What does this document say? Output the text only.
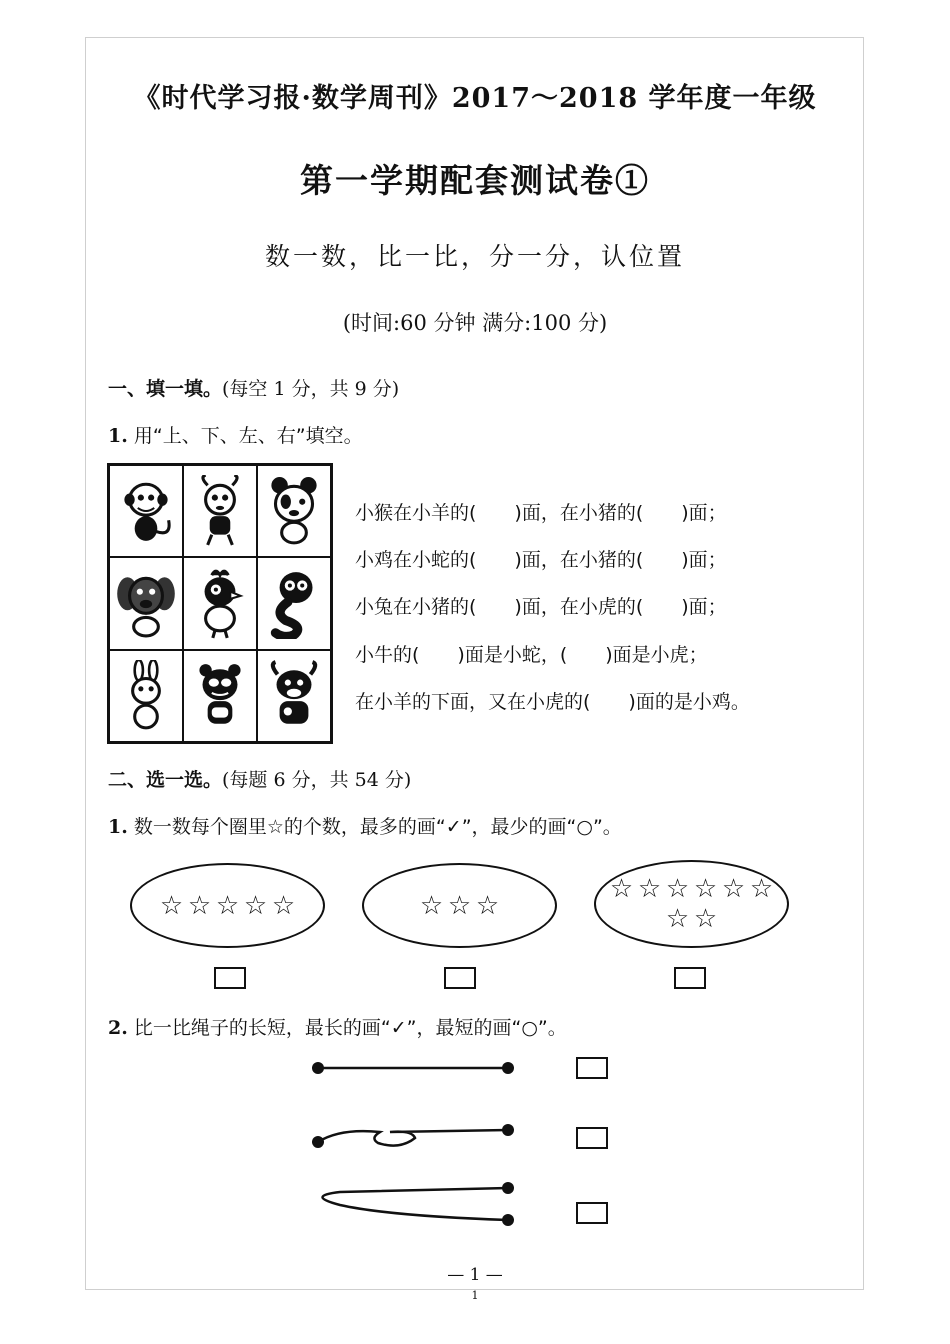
《时代学习报·数学周刊》2017～2018 学年度一年级
第一学期配套测试卷①
数一数，比一比，分一分，认位置
(时间:60 分钟 满分:100 分)
一、填一填。(每空 1 分，共 9 分)
1. 用“上、下、左、右”填空。
小猴在小羊的(　　)面，在小猪的(　　)面；
小鸡在小蛇的(　　)面，在小猪的(　　)面；
小兔在小猪的(　　)面，在小虎的(　　)面；
小牛的(　　)面是小蛇，(　　)面是小虎；
在小羊的下面，又在小虎的(　　)面的是小鸡。
二、选一选。(每题 6 分，共 54 分)
1. 数一数每个圈里☆的个数，最多的画“✓”，最少的画“○”。
☆ ☆ ☆ ☆ ☆	☆ ☆ ☆
☆ ☆ ☆ ☆ ☆ ☆
☆ ☆
2. 比一比绳子的长短，最长的画“✓”，最短的画“○”。
— 1 —
1
